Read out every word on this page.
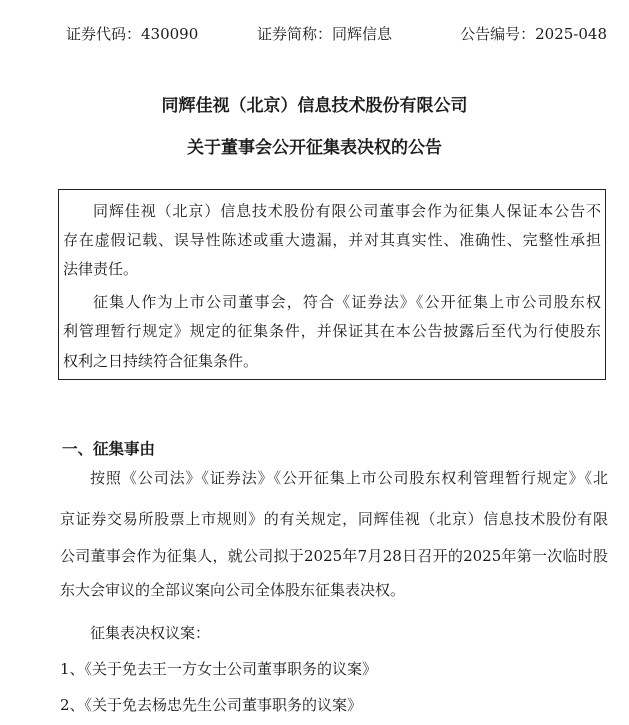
证券代码：430090	证券简称：同辉信息	公告编号：2025-048
同辉佳视（北京）信息技术股份有限公司
关于董事会公开征集表决权的公告
同辉佳视（北京）信息技术股份有限公司董事会作为征集人保证本公告不
存在虚假记载、误导性陈述或重大遗漏，并对其真实性、准确性、完整性承担
法律责任。
征集人作为上市公司董事会，符合《证券法》《公开征集上市公司股东权
利管理暂行规定》规定的征集条件，并保证其在本公告披露后至代为行使股东
权利之日持续符合征集条件。
一、征集事由
按照《公司法》《证券法》《公开征集上市公司股东权利管理暂行规定》《北
京证券交易所股票上市规则》的有关规定，同辉佳视（北京）信息技术股份有限
公司董事会作为征集人，就公司拟于2025年7月28日召开的2025年第一次临时股
东大会审议的全部议案向公司全体股东征集表决权。
征集表决权议案：
1、《关于免去王一方女士公司董事职务的议案》
2、《关于免去杨忠先生公司董事职务的议案》
